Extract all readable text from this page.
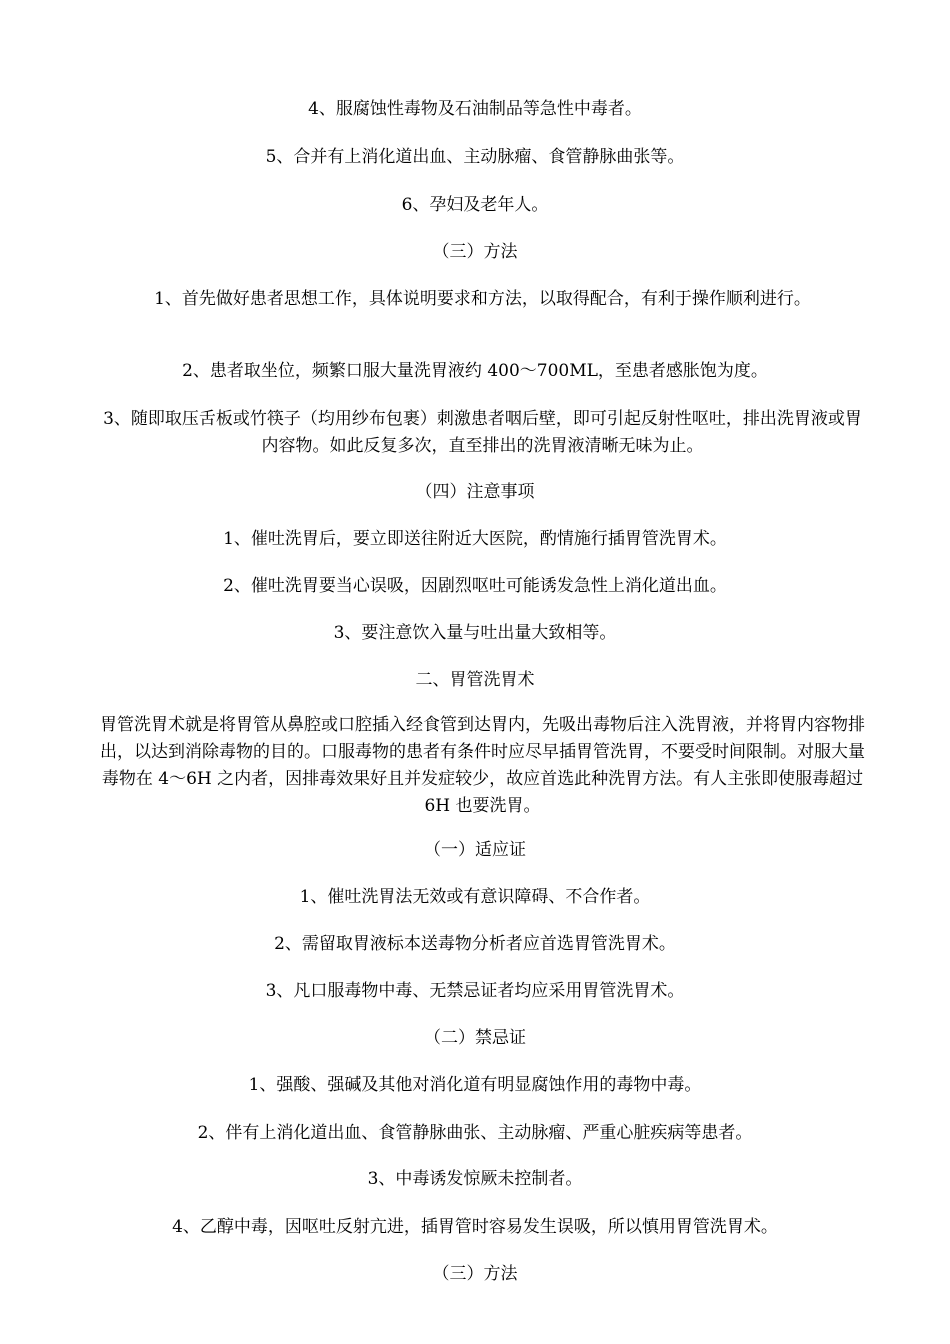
4、服腐蚀性毒物及石油制品等急性中毒者。
5、合并有上消化道出血、主动脉瘤、食管静脉曲张等。
6、孕妇及老年人。
（三）方法
1、首先做好患者思想工作，具体说明要求和方法，以取得配合，有利于操作顺利进行。
2、患者取坐位，频繁口服大量洗胃液约 400～700ML，至患者感胀饱为度。
3、随即取压舌板或竹筷子（均用纱布包裹）刺激患者咽后壁，即可引起反射性呕吐，排出洗胃液或胃内容物。如此反复多次，直至排出的洗胃液清晰无味为止。
（四）注意事项
1、催吐洗胃后，要立即送往附近大医院，酌情施行插胃管洗胃术。
2、催吐洗胃要当心误吸，因剧烈呕吐可能诱发急性上消化道出血。
3、要注意饮入量与吐出量大致相等。
二、胃管洗胃术
胃管洗胃术就是将胃管从鼻腔或口腔插入经食管到达胃内，先吸出毒物后注入洗胃液，并将胃内容物排出，以达到消除毒物的目的。口服毒物的患者有条件时应尽早插胃管洗胃，不要受时间限制。对服大量毒物在 4～6H 之内者，因排毒效果好且并发症较少，故应首选此种洗胃方法。有人主张即使服毒超过 6H 也要洗胃。
（一）适应证
1、催吐洗胃法无效或有意识障碍、不合作者。
2、需留取胃液标本送毒物分析者应首选胃管洗胃术。
3、凡口服毒物中毒、无禁忌证者均应采用胃管洗胃术。
（二）禁忌证
1、强酸、强碱及其他对消化道有明显腐蚀作用的毒物中毒。
2、伴有上消化道出血、食管静脉曲张、主动脉瘤、严重心脏疾病等患者。
3、中毒诱发惊厥未控制者。
4、乙醇中毒，因呕吐反射亢进，插胃管时容易发生误吸，所以慎用胃管洗胃术。
（三）方法
